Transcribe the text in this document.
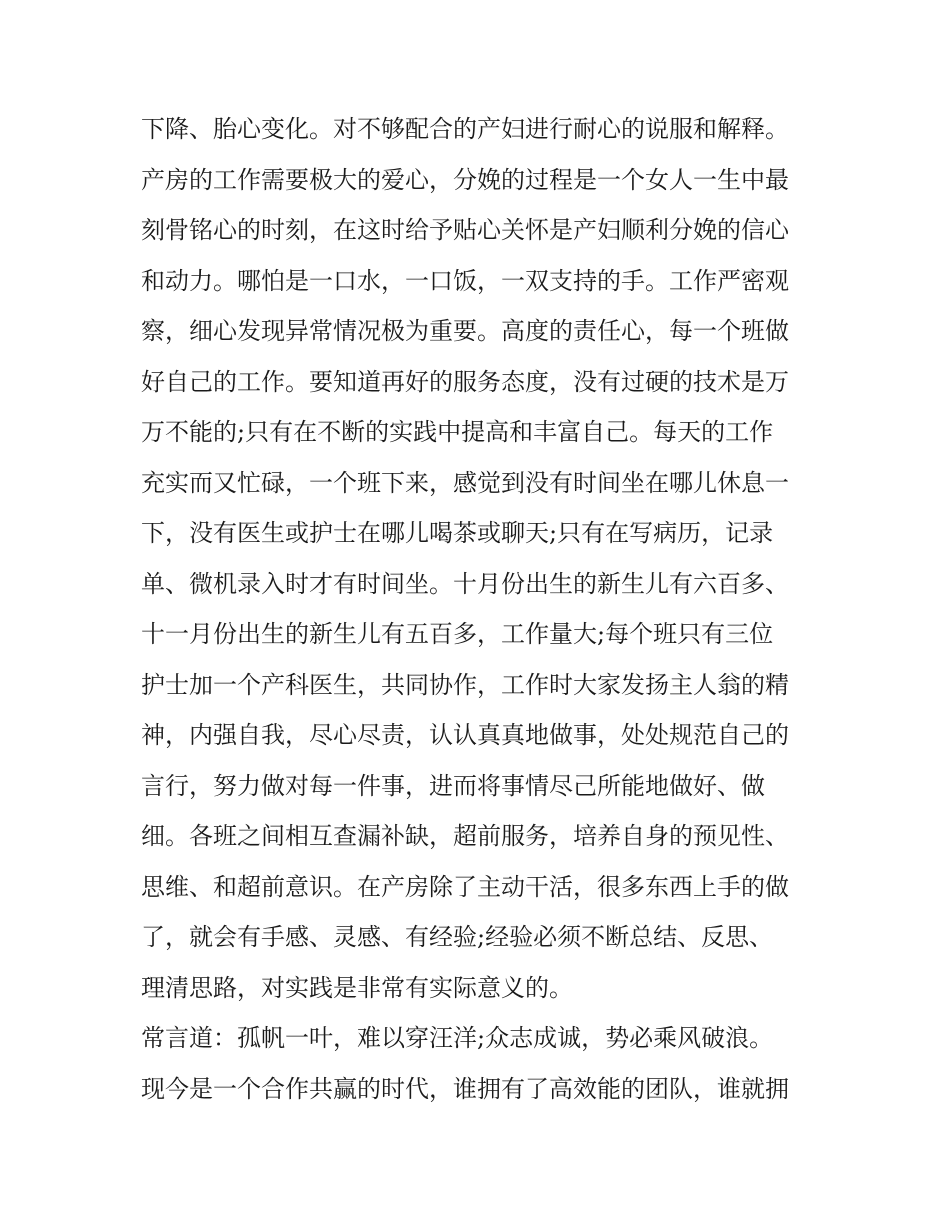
下降、胎心变化。对不够配合的产妇进行耐心的说服和解释。
产房的工作需要极大的爱心，分娩的过程是一个女人一生中最
刻骨铭心的时刻，在这时给予贴心关怀是产妇顺利分娩的信心
和动力。哪怕是一口水，一口饭，一双支持的手。工作严密观
察，细心发现异常情况极为重要。高度的责任心，每一个班做
好自己的工作。要知道再好的服务态度，没有过硬的技术是万
万不能的;只有在不断的实践中提高和丰富自己。每天的工作
充实而又忙碌，一个班下来，感觉到没有时间坐在哪儿休息一
下，没有医生或护士在哪儿喝茶或聊天;只有在写病历，记录
单、微机录入时才有时间坐。十月份出生的新生儿有六百多、
十一月份出生的新生儿有五百多，工作量大;每个班只有三位
护士加一个产科医生，共同协作，工作时大家发扬主人翁的精
神，内强自我，尽心尽责，认认真真地做事，处处规范自己的
言行，努力做对每一件事，进而将事情尽己所能地做好、做
细。各班之间相互查漏补缺，超前服务，培养自身的预见性、
思维、和超前意识。在产房除了主动干活，很多东西上手的做
了，就会有手感、灵感、有经验;经验必须不断总结、反思、
理清思路，对实践是非常有实际意义的。
常言道：孤帆一叶，难以穿汪洋;众志成诚，势必乘风破浪。
现今是一个合作共赢的时代，谁拥有了高效能的团队，谁就拥
